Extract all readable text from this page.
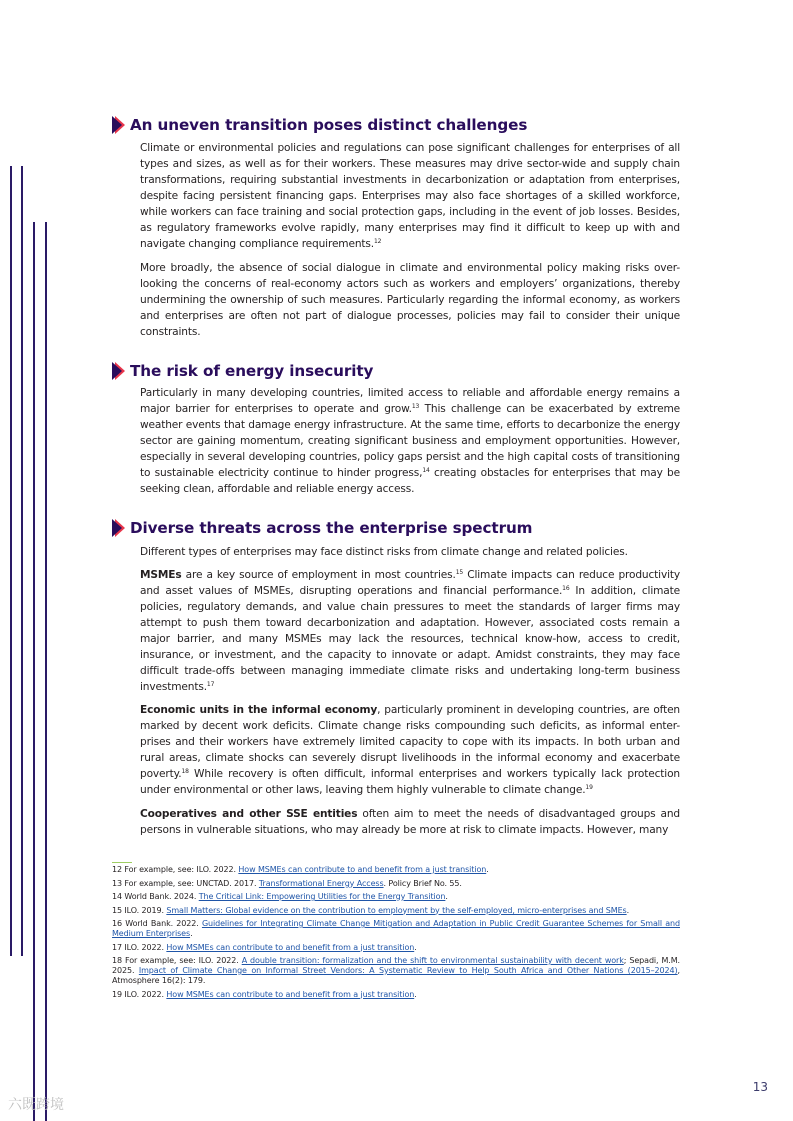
An uneven transition poses distinct challenges

Climate or environmental policies and regulations can pose significant challenges for enterprises of all types and sizes, as well as for their workers. These measures may drive sector-wide and supply chain transformations, requiring substantial investments in decarbonization or adaptation from enterprises, despite facing persistent financing gaps. Enterprises may also face shortages of a skilled workforce, while workers can face training and social protection gaps, including in the event of job losses. Besides, as regulatory frameworks evolve rapidly, many enterprises may find it difficult to keep up with and navigate changing compliance requirements.$^{12}$

More broadly, the absence of social dialogue in climate and environmental policy making risks over-looking the concerns of real-economy actors such as workers and employers’ organizations, thereby undermining the ownership of such measures. Particularly regarding the informal economy, as workers and enterprises are often not part of dialogue processes, policies may fail to consider their unique constraints.

The risk of energy insecurity

Particularly in many developing countries, limited access to reliable and affordable energy remains a major barrier for enterprises to operate and grow.$^{13}$ This challenge can be exacerbated by extreme weather events that damage energy infrastructure. At the same time, efforts to decarbonize the energy sector are gaining momentum, creating significant business and employment opportunities. However, especially in several developing countries, policy gaps persist and the high capital costs of transitioning to sustainable electricity continue to hinder progress,$^{14}$ creating obstacles for enterprises that may be seeking clean, affordable and reliable energy access.

Diverse threats across the enterprise spectrum

Different types of enterprises may face distinct risks from climate change and related policies.

MSMEs are a key source of employment in most countries.$^{15}$ Climate impacts can reduce productivity and asset values of MSMEs, disrupting operations and financial performance.$^{16}$ In addition, climate policies, regulatory demands, and value chain pressures to meet the standards of larger firms may attempt to push them toward decarbonization and adaptation. However, associated costs remain a major barrier, and many MSMEs may lack the resources, technical know-how, access to credit, insurance, or investment, and the capacity to innovate or adapt. Amidst constraints, they may face difficult trade-offs between managing immediate climate risks and undertaking long-term business investments.$^{17}$

Economic units in the informal economy, particularly prominent in developing countries, are often marked by decent work deficits. Climate change risks compounding such deficits, as informal enter-prises and their workers have extremely limited capacity to cope with its impacts. In both urban and rural areas, climate shocks can severely disrupt livelihoods in the informal economy and exacerbate poverty.$^{18}$ While recovery is often difficult, informal enterprises and workers typically lack protection under environmental or other laws, leaving them highly vulnerable to climate change.$^{19}$

Cooperatives and other SSE entities often aim to meet the needs of disadvantaged groups and persons in vulnerable situations, who may already be more at risk to climate impacts. However, many

12 For example, see: ILO. 2022. How MSMEs can contribute to and benefit from a just transition.

13 For example, see: UNCTAD. 2017. Transformational Energy Access. Policy Brief No. 55.

14 World Bank. 2024. The Critical Link: Empowering Utilities for the Energy Transition.

15 ILO. 2019. Small Matters: Global evidence on the contribution to employment by the self-employed, micro-enterprises and SMEs.

16 World Bank. 2022. Guidelines for Integrating Climate Change Mitigation and Adaptation in Public Credit Guarantee Schemes for Small and Medium Enterprises.

17 ILO. 2022. How MSMEs can contribute to and benefit from a just transition.

18 For example, see: ILO. 2022. A double transition: formalization and the shift to environmental sustainability with decent work; Sepadi, M.M. 2025. Impact of Climate Change on Informal Street Vendors: A Systematic Review to Help South Africa and Other Nations (2015–2024), Atmosphere 16(2): 179.

19 ILO. 2022. How MSMEs can contribute to and benefit from a just transition.

13
六既跨境
